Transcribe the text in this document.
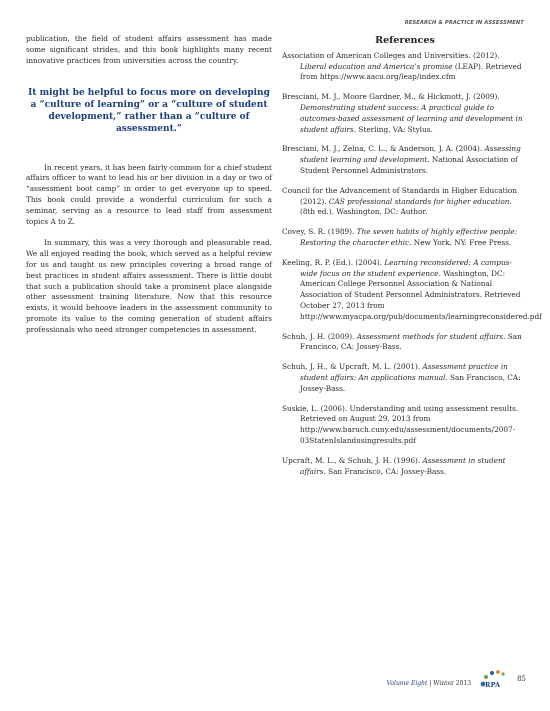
RESEARCH & PRACTICE IN ASSESSMENT

publication, the field of student affairs assessment has made some significant strides, and this book highlights many recent innovative practices from universities across the country.

It might be helpful to focus more on developing a “culture of learning” or a “culture of student development,” rather than a “culture of assessment.”

In recent years, it has been fairly common for a chief student affairs officer to want to lead his or her division in a day or two of “assessment boot camp” in order to get everyone up to speed. This book could provide a wonderful curriculum for such a seminar, serving as a resource to lead staff from assessment topics A to Z.

In summary, this was a very thorough and pleasurable read. We all enjoyed reading the book, which served as a helpful review for us and taught us new principles covering a broad range of best practices in student affairs assessment. There is little doubt that such a publication should take a prominent place alongside other assessment training literature. Now that this resource exists, it would behoove leaders in the assessment community to promote its value to the coming generation of student affairs professionals who need stronger competencies in assessment.

References
Association of American Colleges and Universities. (2012). Liberal education and America’s promise (LEAP). Retrieved from https://www.aacu.org/leap/index.cfm
Bresciani, M. J., Moore Gardner, M., & Hickmott, J. (2009). Demonstrating student success: A practical guide to outcomes-based assessment of learning and development in student affairs. Sterling, VA: Stylus.
Bresciani, M. J., Zelna, C. L., & Anderson, J. A. (2004). Assessing student learning and development. National Association of Student Personnel Administrators.
Council for the Advancement of Standards in Higher Education (2012). CAS professional standards for higher education. (8th ed.). Washington, DC: Author.
Covey, S. R. (1989). The seven habits of highly effective people: Restoring the character ethic. New York, NY: Free Press.
Keeling, R. P. (Ed.). (2004). Learning reconsidered: A campus-wide focus on the student experience. Washington, DC: American College Personnel Association & National Association of Student Personnel Administrators. Retrieved October 27, 2013 from http://www.myacpa.org/pub/documents/learningreconsidered.pdf
Schuh, J. H. (2009). Assessment methods for student affairs. San Francisco, CA: Jossey-Bass.
Schuh, J. H., & Upcraft, M. L. (2001). Assessment practice in student affairs: An applications manual. San Francisco, CA: Jossey-Bass.
Suskie, L. (2006). Understanding and using assessment results. Retrieved on August 29, 2013 from http://www.baruch.cuny.edu/assessment/documents/2007-03StatenIslandusingresults.pdf
Upcraft, M. L., & Schuh, J. H. (1996). Assessment in student affairs. San Francisco, CA: Jossey-Bass.
Volume Eight | Winter 2013 RPA
85
